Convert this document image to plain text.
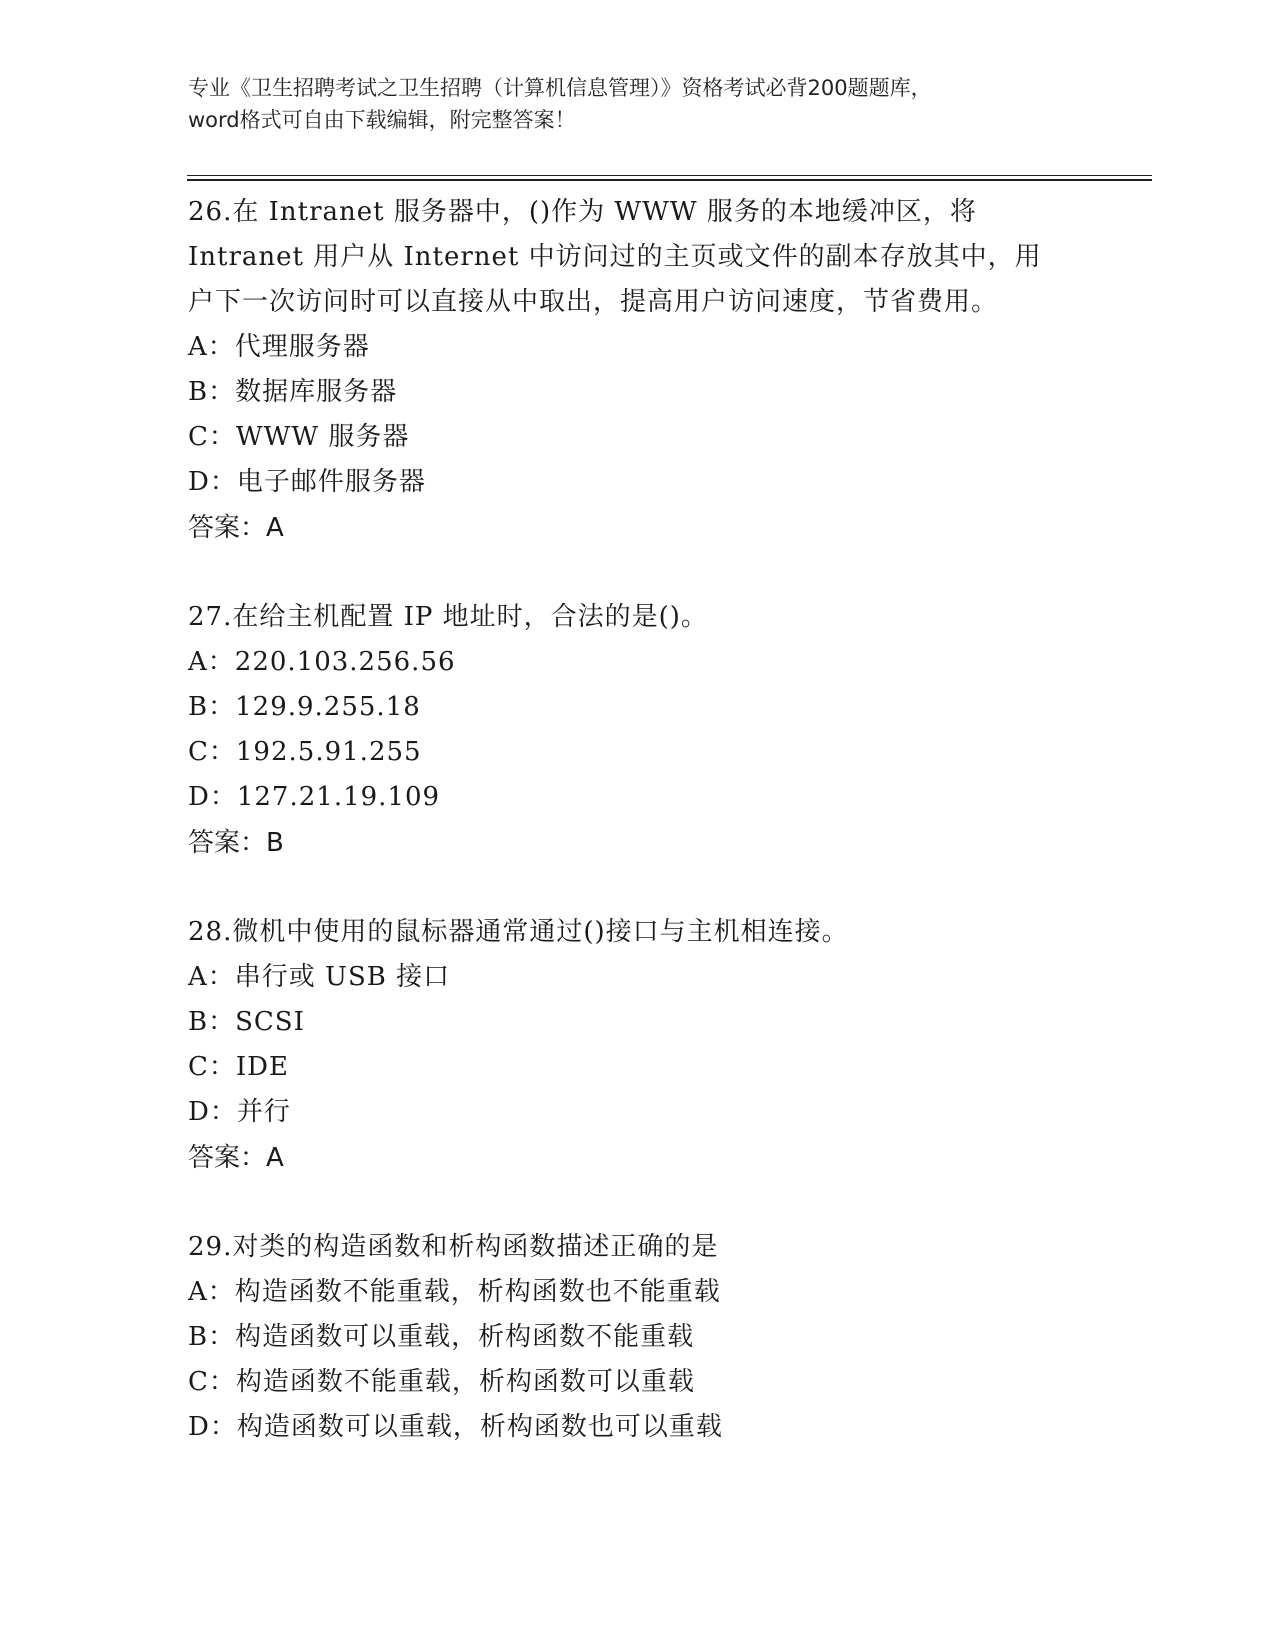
专业《卫生招聘考试之卫生招聘（计算机信息管理）》资格考试必背200题题库，
word格式可自由下载编辑，附完整答案！
26.在 Intranet 服务器中，()作为 WWW 服务的本地缓冲区，将
Intranet 用户从 Internet 中访问过的主页或文件的副本存放其中，用
户下一次访问时可以直接从中取出，提高用户访问速度，节省费用。
A：代理服务器
B：数据库服务器
C：WWW 服务器
D：电子邮件服务器
答案：A
27.在给主机配置 IP 地址时，合法的是()。
A：220.103.256.56
B：129.9.255.18
C：192.5.91.255
D：127.21.19.109
答案：B
28.微机中使用的鼠标器通常通过()接口与主机相连接。
A：串行或 USB 接口
B：SCSI
C：IDE
D：并行
答案：A
29.对类的构造函数和析构函数描述正确的是
A：构造函数不能重载，析构函数也不能重载
B：构造函数可以重载，析构函数不能重载
C：构造函数不能重载，析构函数可以重载
D：构造函数可以重载，析构函数也可以重载
